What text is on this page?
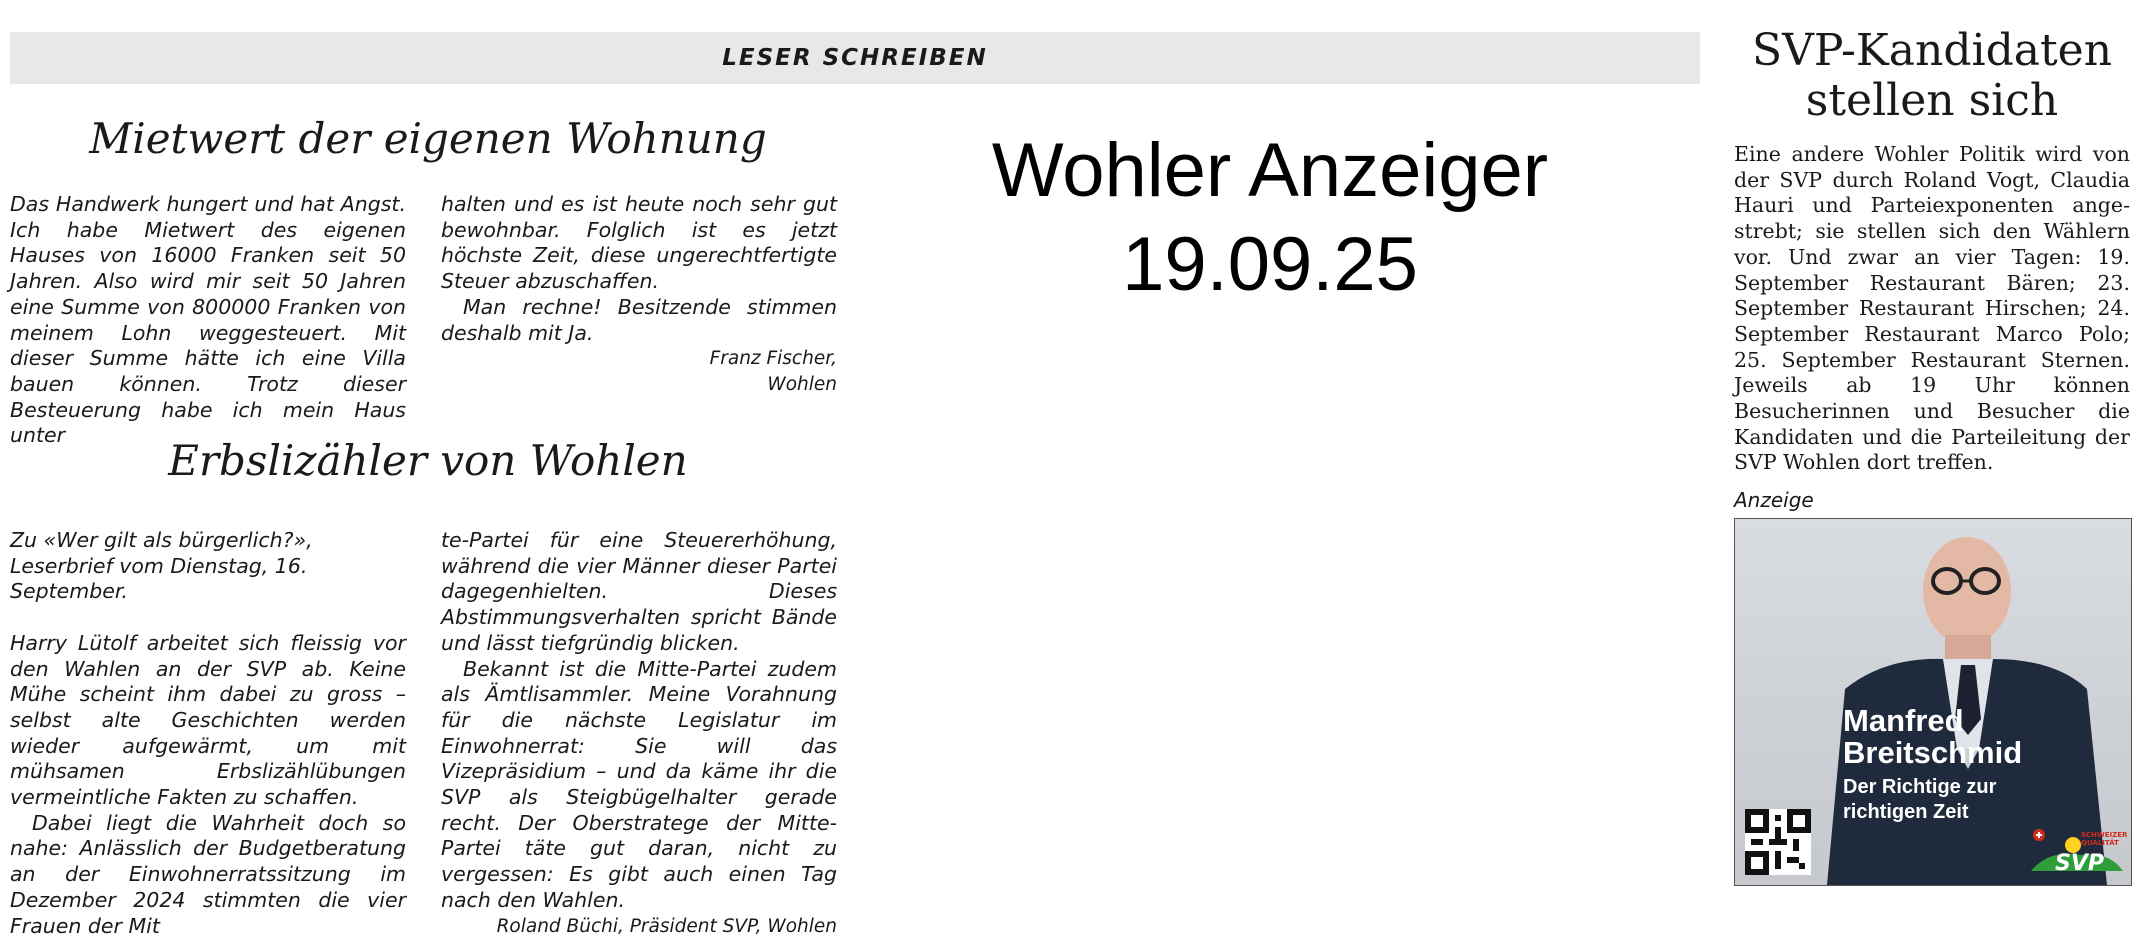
LESER SCHREIBEN
Mietwert der eigenen Wohnung

Das Handwerk hungert und hat Angst. Ich habe Mietwert des eigenen Hauses von 16000 Franken seit 50 Jahren. Also wird mir seit 50 Jahren eine Summe von 800000 Franken von meinem Lohn weggesteuert. Mit dieser Summe hätte ich eine Villa bauen können. Trotz dieser Besteuerung habe ich mein Haus unter

halten und es ist heute noch sehr gut bewohnbar. Folglich ist es jetzt höchste Zeit, diese ungerechtfertigte Steuer abzuschaffen.

Man rechne! Besitzende stimmen deshalb mit Ja.

Franz Fischer,
Wohlen
Erbslizähler von Wohlen

Zu «Wer gilt als bürgerlich?», Leserbrief vom Dienstag, 16. September.

Harry Lütolf arbeitet sich fleissig vor den Wahlen an der SVP ab. Keine Mühe scheint ihm dabei zu gross – selbst alte Geschichten werden wieder aufgewärmt, um mit mühsamen Erbslizählübungen vermeintliche Fakten zu schaffen.

Dabei liegt die Wahrheit doch so nahe: Anlässlich der Budgetberatung an der Einwohnerratssitzung im Dezember 2024 stimmten die vier Frauen der Mit

te-Partei für eine Steuererhöhung, während die vier Männer dieser Partei dagegenhielten. Dieses Abstimmungsverhalten spricht Bände und lässt tiefgründig blicken.

Bekannt ist die Mitte-Partei zudem als Ämtlisammler. Meine Vorahnung für die nächste Legislatur im Einwohnerrat: Sie will das Vizepräsidium – und da käme ihr die SVP als Steigbügelhalter gerade recht. Der Oberstratege der Mitte-Partei täte gut daran, nicht zu vergessen: Es gibt auch einen Tag nach den Wahlen.

Roland Büchi, Präsident SVP, Wohlen
Wohler Anzeiger
19.09.25
SVP-Kandidaten stellen sich

Eine andere Wohler Politik wird von der SVP durch Roland Vogt, Claudia Hauri und Parteiexponenten angestrebt; sie stellen sich den Wählern vor. Und zwar an vier Tagen: 19. September Restaurant Bären; 23. September Restaurant Hirschen; 24. September Restaurant Marco Polo; 25. September Restaurant Sternen. Jeweils ab 19 Uhr können Besucherinnen und Besucher die Kandidaten und die Parteileitung der SVP Wohlen dort treffen.

Anzeige
Manfred
Breitschmid
Der Richtige zur
richtigen Zeit
SCHWEIZER QUALITÄT
SVP
